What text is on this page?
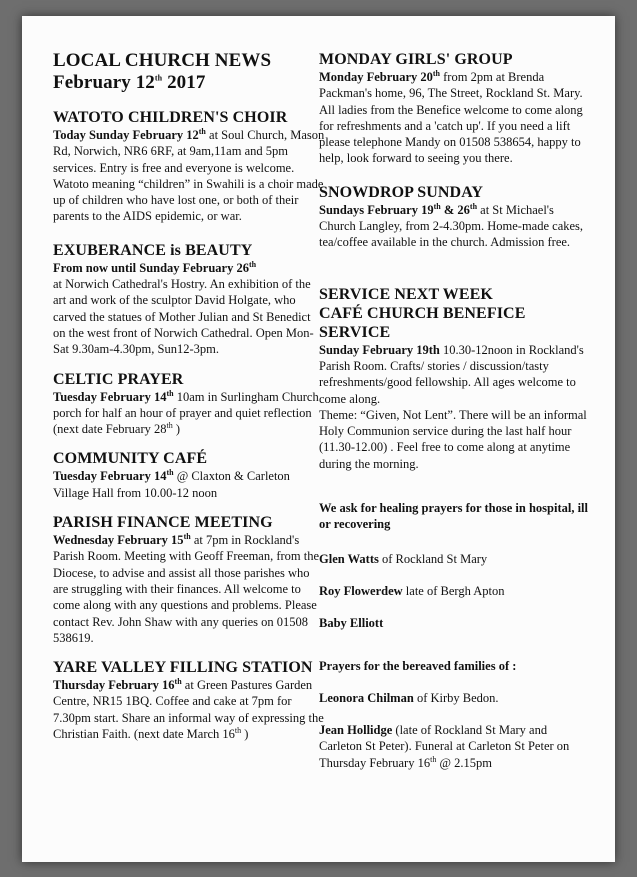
LOCAL CHURCH NEWS
February 12th 2017
WATOTO CHILDREN'S CHOIR

Today Sunday February 12th at Soul Church, Mason Rd, Norwich, NR6 6RF, at 9am,11am and 5pm services. Entry is free and everyone is welcome.

Watoto meaning “children” in Swahili is a choir made up of children who have lost one, or both of their parents to the AIDS epidemic, or war.

EXUBERANCE is BEAUTY

From now until Sunday February 26th

at Norwich Cathedral's Hostry. An exhibition of the art and work of the sculptor David Holgate, who carved the statues of Mother Julian and St Benedict on the west front of Norwich Cathedral. Open Mon-Sat 9.30am-4.30pm, Sun12-3pm.

CELTIC PRAYER

Tuesday February 14th 10am in Surlingham Church porch for half an hour of prayer and quiet reflection (next date February 28th )

COMMUNITY CAFÉ

Tuesday February 14th @ Claxton & Carleton Village Hall from 10.00-12 noon

PARISH FINANCE MEETING

Wednesday February 15th at 7pm in Rockland's Parish Room. Meeting with Geoff Freeman, from the Diocese, to advise and assist all those parishes who are struggling with their finances. All welcome to come along with any questions and problems. Please contact Rev. John Shaw with any queries on 01508 538619.

YARE VALLEY FILLING STATION

Thursday February 16th at Green Pastures Garden Centre, NR15 1BQ. Coffee and cake at 7pm for 7.30pm start. Share an informal way of expressing the Christian Faith. (next date March 16th )

MONDAY GIRLS' GROUP

Monday February 20th from 2pm at Brenda Packman's home, 96, The Street, Rockland St. Mary. All ladies from the Benefice welcome to come along for refreshments and a 'catch up'. If you need a lift please telephone Mandy on 01508 538654, happy to help, look forward to seeing you there.

SNOWDROP SUNDAY

Sundays February 19th & 26th at St Michael's Church Langley, from 2-4.30pm. Home-made cakes, tea/coffee available in the church. Admission free.

SERVICE NEXT WEEK
CAFÉ CHURCH BENEFICE SERVICE

Sunday February 19th 10.30-12noon in Rockland's Parish Room. Crafts/ stories / discussion/tasty refreshments/good fellowship. All ages welcome to come along.

Theme: “Given, Not Lent”. There will be an informal Holy Communion service during the last half hour (11.30-12.00) . Feel free to come along at anytime during the morning.

We ask for healing prayers for those in hospital, ill or recovering

Glen Watts of Rockland St Mary

Roy Flowerdew late of Bergh Apton

Baby Elliott

Prayers for the bereaved families of :

Leonora Chilman of Kirby Bedon.

Jean Hollidge (late of Rockland St Mary and Carleton St Peter). Funeral at Carleton St Peter on Thursday February 16th @ 2.15pm
